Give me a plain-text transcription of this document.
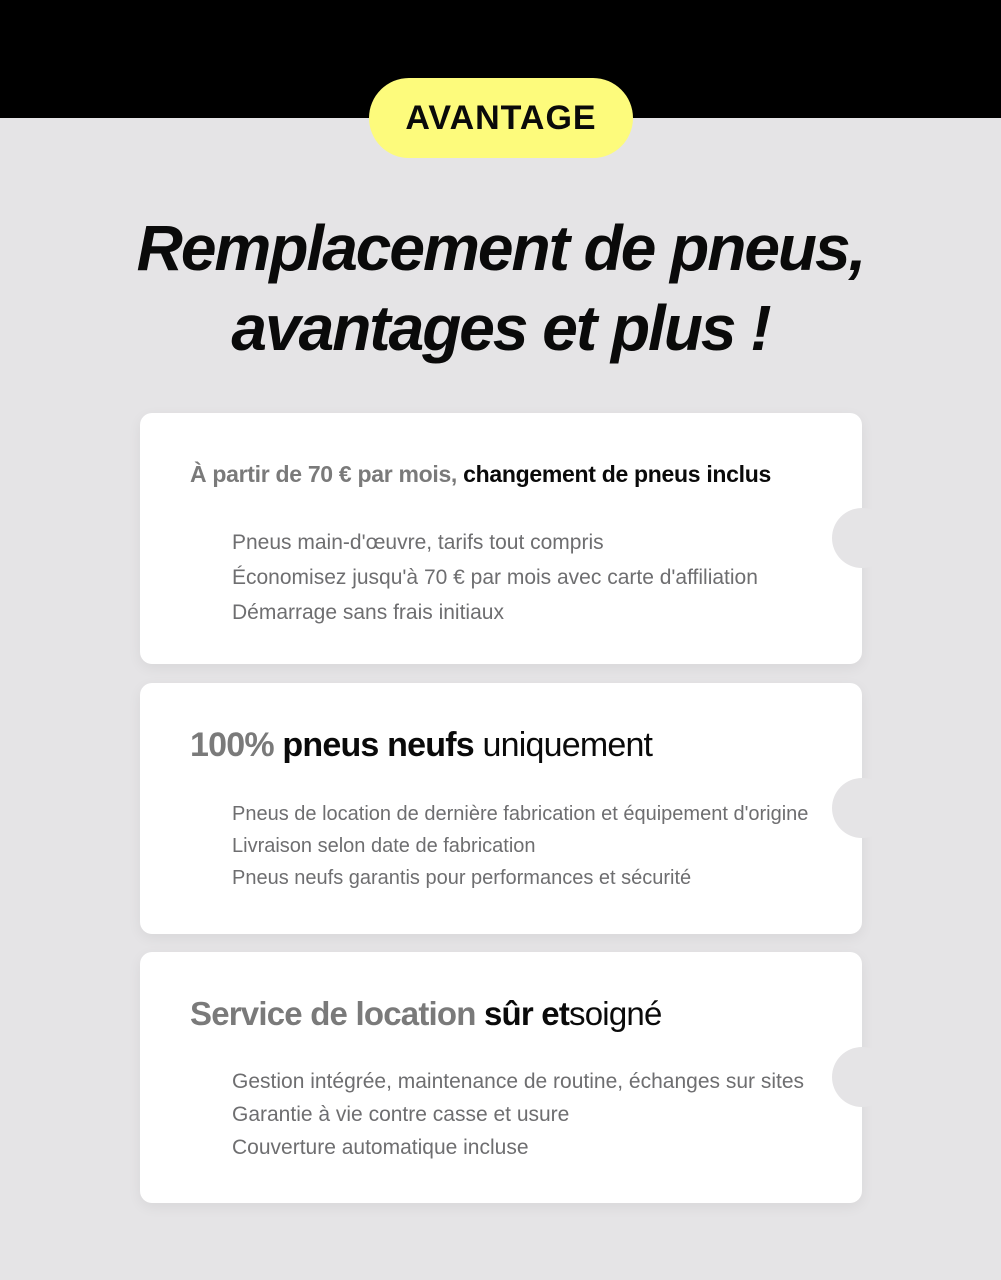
AVANTAGE
Remplacement de pneus,
avantages et plus !
À partir de 70 € par mois, changement de pneus inclus
Pneus main-d'œuvre, tarifs tout compris
Économisez jusqu'à 70 € par mois avec carte d'affiliation
Démarrage sans frais initiaux
100% pneus neufs uniquement
Pneus de location de dernière fabrication et équipement d'origine
Livraison selon date de fabrication
Pneus neufs garantis pour performances et sécurité
Service de location sûr etsoigné
Gestion intégrée, maintenance de routine, échanges sur sites
Garantie à vie contre casse et usure
Couverture automatique incluse
